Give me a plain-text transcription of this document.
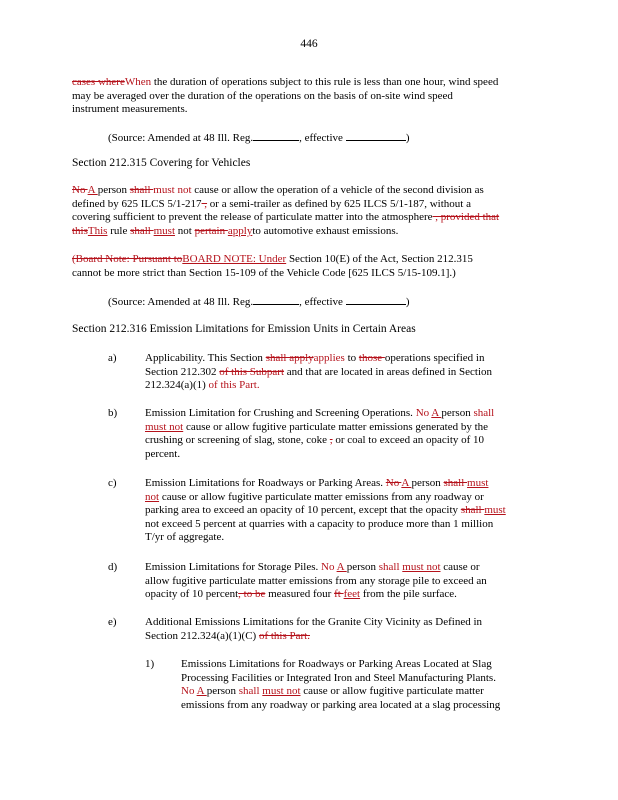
446
cases whereWhen the duration of operations subject to this rule is less than one hour, wind speed
may be averaged over the duration of the operations on the basis of on-site wind speed
instrument measurements.
(Source: Amended at 48 Ill. Reg.	, effective	)
Section 212.315 Covering for Vehicles
No A person shall must not cause or allow the operation of a vehicle of the second division as
defined by 625 ILCS 5/1-217 , or a semi-trailer as defined by 625 ILCS 5/1-187, without a
covering sufficient to prevent the release of particulate matter into the atmosphere , provided that
thisThis rule shall must not pertain applyto automotive exhaust emissions.
(Board Note: Pursuant toBOARD NOTE: Under Section 10(E) of the Act, Section 212.315
cannot be more strict than Section 15-109 of the Vehicle Code [625 ILCS 5/15-109.1].)
(Source: Amended at 48 Ill. Reg.	, effective	)
Section 212.316 Emission Limitations for Emission Units in Certain Areas
a)	Applicability. This Section shall applyapplies to those operations specified in
Section 212.302 of this Subpart and that are located in areas defined in Section
212.324(a)(1) of this Part.
b)	Emission Limitation for Crushing and Screening Operations. No A person shall
must not cause or allow fugitive particulate matter emissions generated by the
crushing or screening of slag, stone, coke , or coal to exceed an opacity of 10
percent.
c)	Emission Limitations for Roadways or Parking Areas. No A person shall must
not cause or allow fugitive particulate matter emissions from any roadway or
parking area to exceed an opacity of 10 percent, except that the opacity shall must
not exceed 5 percent at quarries with a capacity to produce more than 1 million
T/yr of aggregate.
d)	Emission Limitations for Storage Piles. No A person shall must not cause or
allow fugitive particulate matter emissions from any storage pile to exceed an
opacity of 10 percent, to be measured four ft feet from the pile surface.
e)	Additional Emissions Limitations for the Granite City Vicinity as Defined in
Section 212.324(a)(1)(C) of this Part.
1) Emissions Limitations for Roadways or Parking Areas Located at Slag
Processing Facilities or Integrated Iron and Steel Manufacturing Plants.
No A person shall must not cause or allow fugitive particulate matter
emissions from any roadway or parking area located at a slag processing
